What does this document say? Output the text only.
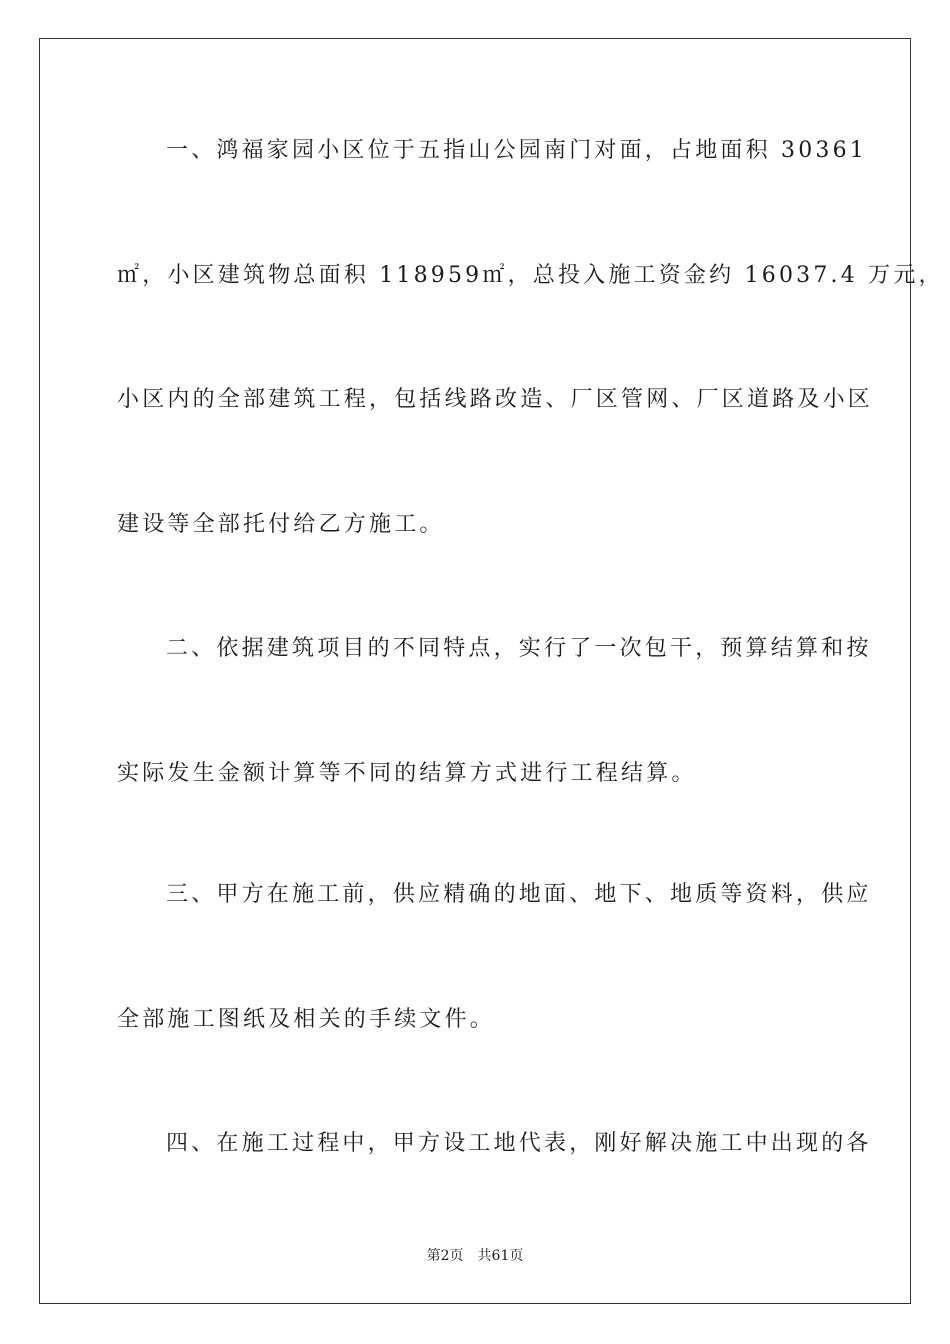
一、鸿福家园小区位于五指山公园南门对面，占地面积 30361
㎡，小区建筑物总面积 118959㎡，总投入施工资金约 16037.4 万元，
小区内的全部建筑工程，包括线路改造、厂区管网、厂区道路及小区
建设等全部托付给乙方施工。
二、依据建筑项目的不同特点，实行了一次包干，预算结算和按
实际发生金额计算等不同的结算方式进行工程结算。
三、甲方在施工前，供应精确的地面、地下、地质等资料，供应
全部施工图纸及相关的手续文件。
四、在施工过程中，甲方设工地代表，刚好解决施工中出现的各
第2页 共61页
